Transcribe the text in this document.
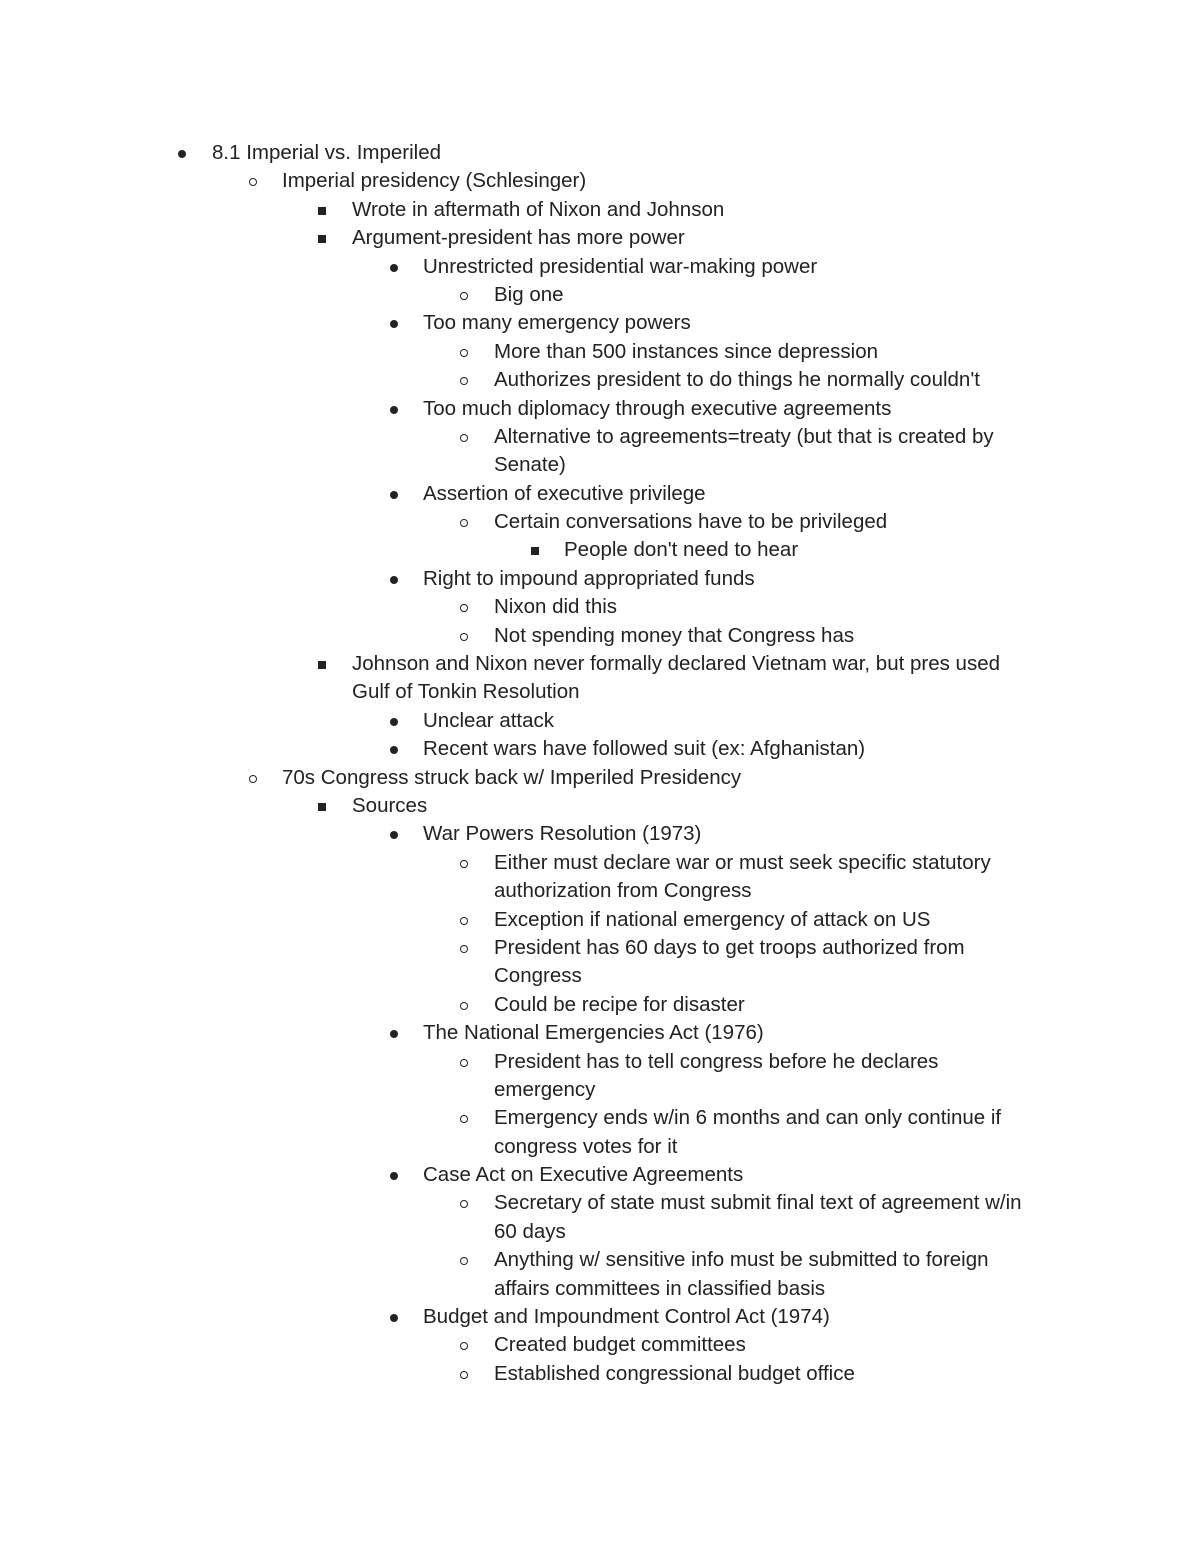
8.1 Imperial vs. Imperiled
Imperial presidency (Schlesinger)
Wrote in aftermath of Nixon and Johnson
Argument-president has more power
Unrestricted presidential war-making power
Big one
Too many emergency powers
More than 500 instances since depression
Authorizes president to do things he normally couldn't
Too much diplomacy through executive agreements
Alternative to agreements=treaty (but that is created by
Senate)
Assertion of executive privilege
Certain conversations have to be privileged
People don't need to hear
Right to impound appropriated funds
Nixon did this
Not spending money that Congress has
Johnson and Nixon never formally declared Vietnam war, but pres used
Gulf of Tonkin Resolution
Unclear attack
Recent wars have followed suit (ex: Afghanistan)
70s Congress struck back w/ Imperiled Presidency
Sources
War Powers Resolution (1973)
Either must declare war or must seek specific statutory
authorization from Congress
Exception if national emergency of attack on US
President has 60 days to get troops authorized from
Congress
Could be recipe for disaster
The National Emergencies Act (1976)
President has to tell congress before he declares
emergency
Emergency ends w/in 6 months and can only continue if
congress votes for it
Case Act on Executive Agreements
Secretary of state must submit final text of agreement w/in
60 days
Anything w/ sensitive info must be submitted to foreign
affairs committees in classified basis
Budget and Impoundment Control Act (1974)
Created budget committees
Established congressional budget office
